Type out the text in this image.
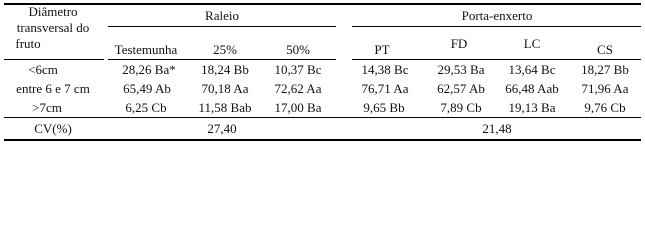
Diâmetro
transversal do
fruto
Raleio	Porta-enxerto
Testemunha	25%	50%	PT	FD	LC	CS
<6cm	28,26 Ba* 18,24 Bb 10,37 Bc	14,38 Bc 29,53 Ba 13,64 Bc 18,27 Bb
entre 6 e 7 cm	65,49 Ab 70,18 Aa 72,62 Aa	76,71 Aa 62,57 Ab 66,48 Aab 71,96 Aa
>7cm	6,25 Cb 11,58 Bab 17,00 Ba	9,65 Bb	7,89 Cb 19,13 Ba 9,76 Cb
CV(%)	27,40	21,48
